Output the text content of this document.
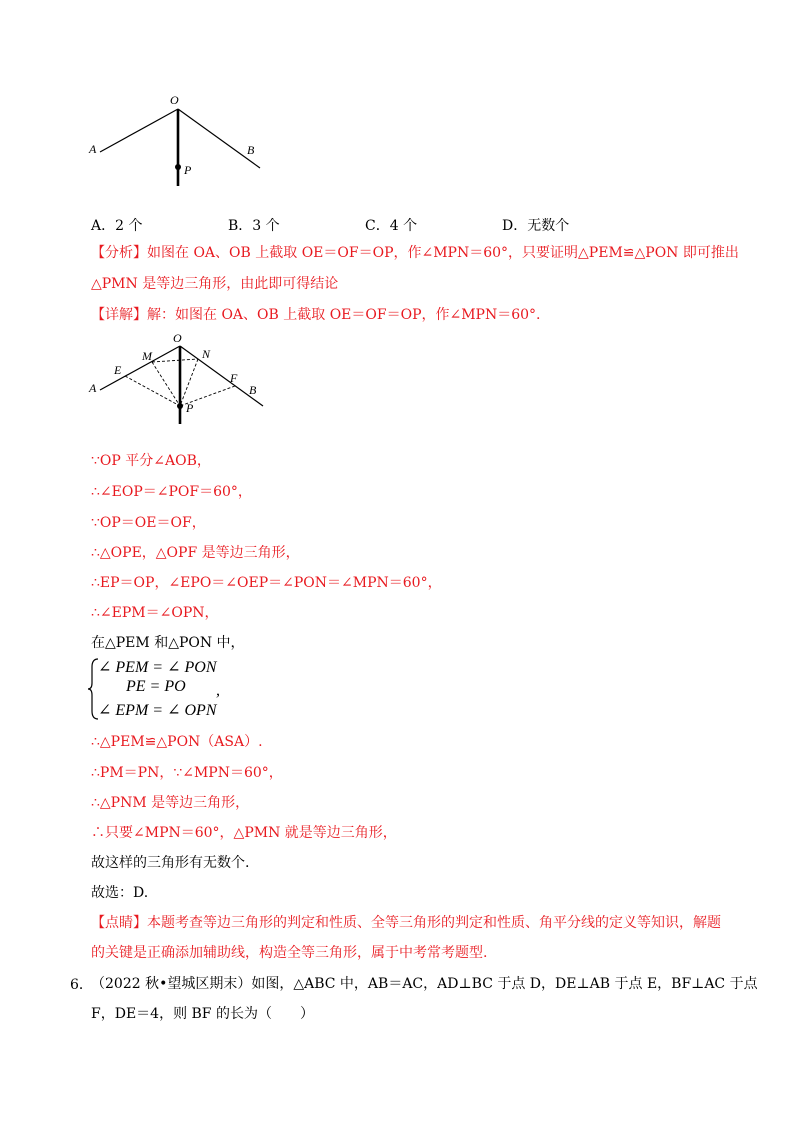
O
A	B
P
A．2 个	B．3 个	C．4 个	D．无数个
【分析】如图在 OA、OB 上截取 OE＝OF＝OP，作∠MPN＝60°，只要证明△PEM≌△PON 即可推出
△PMN 是等边三角形，由此即可得结论
【详解】解：如图在 OA、OB 上截取 OE＝OF＝OP，作∠MPN＝60°.
O
M	N
E
F
A	B
P
∵OP 平分∠AOB，
∴∠EOP＝∠POF＝60°，
∵OP＝OE＝OF，
∴△OPE，△OPF 是等边三角形，
∴EP＝OP，∠EPO＝∠OEP＝∠PON＝∠MPN＝60°，
∴∠EPM＝∠OPN，
在△PEM 和△PON 中，
∠ PEM = ∠ PON
PE = PO
∠ EPM = ∠ OPN
,
∴△PEM≌△PON（ASA）.
∴PM＝PN，∵∠MPN＝60°，
∴△PNM 是等边三角形，
∴只要∠MPN＝60°，△PMN 就是等边三角形，
故这样的三角形有无数个.
故选：D.
【点睛】本题考查等边三角形的判定和性质、全等三角形的判定和性质、角平分线的定义等知识，解题
的关键是正确添加辅助线，构造全等三角形，属于中考常考题型.
6．
（2022 秋•望城区期末）如图，△ABC 中，AB＝AC，AD⊥BC 于点 D，DE⊥AB 于点 E，BF⊥AC 于点
F，DE＝4，则 BF 的长为（　　）
